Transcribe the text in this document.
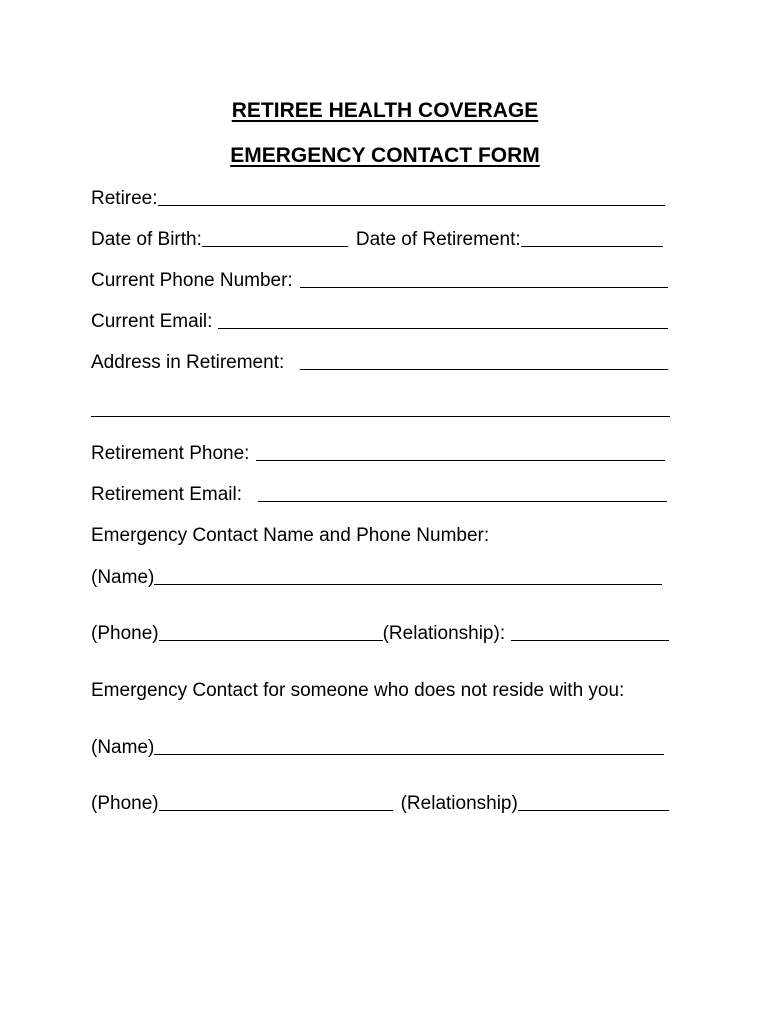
RETIREE HEALTH COVERAGE
EMERGENCY CONTACT FORM
Retiree:
Date of Birth:	Date of Retirement:
Current Phone Number:
Current Email:
Address in Retirement:
Retirement Phone:
Retirement Email:
Emergency Contact Name and Phone Number:
(Name)
(Phone)	(Relationship):
Emergency Contact for someone who does not reside with you:
(Name)
(Phone)	(Relationship)
